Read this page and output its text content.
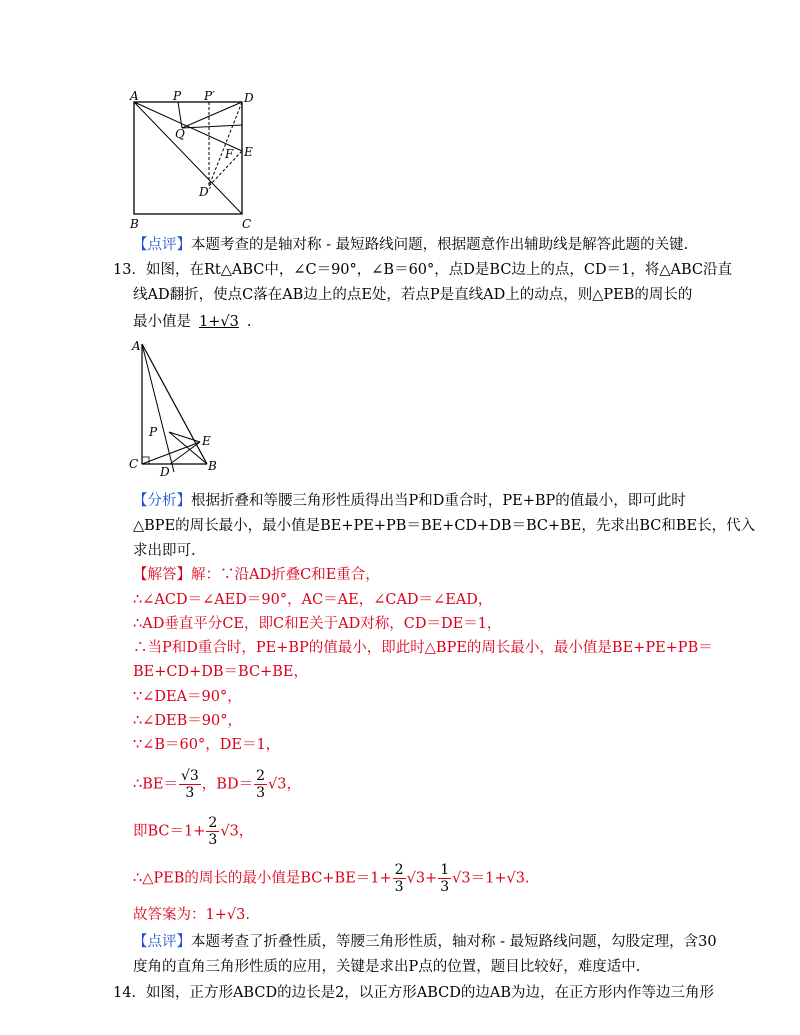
A	P P′ D
Q
E
F
D′
B	C
【点评】本题考查的是轴对称 - 最短路线问题，根据题意作出辅助线是解答此题的关键.
13．如图，在Rt△ABC中，∠C＝90°，∠B＝60°，点D是BC边上的点，CD＝1，将△ABC沿直
线AD翻折，使点C落在AB边上的点E处，若点P是直线AD上的动点，则△PEB的周长的
最小值是 1+√3 .
A
P
E
C
D	B
【分析】根据折叠和等腰三角形性质得出当P和D重合时，PE+BP的值最小，即可此时
△BPE的周长最小，最小值是BE+PE+PB＝BE+CD+DB＝BC+BE，先求出BC和BE长，代入
求出即可.
【解答】解：∵沿AD折叠C和E重合，
∴∠ACD＝∠AED＝90°，AC＝AE，∠CAD＝∠EAD，
∴AD垂直平分CE，即C和E关于AD对称，CD＝DE＝1，
∴当P和D重合时，PE+BP的值最小，即此时△BPE的周长最小，最小值是BE+PE+PB＝
BE+CD+DB＝BC+BE，
∵∠DEA＝90°，
∴∠DEB＝90°，
∵∠B＝60°，DE＝1，
∴BE＝ $\frac{√3}{3}$ ，$BD= \frac{2}{3} √3$，
即$BC=1+ \frac{2}{3} √3$，
∴△PEB的周长的最小值是$BC+BE=1+ \frac{2}{3} √3+ \frac{1}{3} √3=1+√3$.
故答案为：1+√3.
【点评】本题考查了折叠性质，等腰三角形性质，轴对称 - 最短路线问题，勾股定理，含30
度角的直角三角形性质的应用，关键是求出P点的位置，题目比较好，难度适中.
14．如图，正方形ABCD的边长是2，以正方形ABCD的边AB为边，在正方形内作等边三角形
